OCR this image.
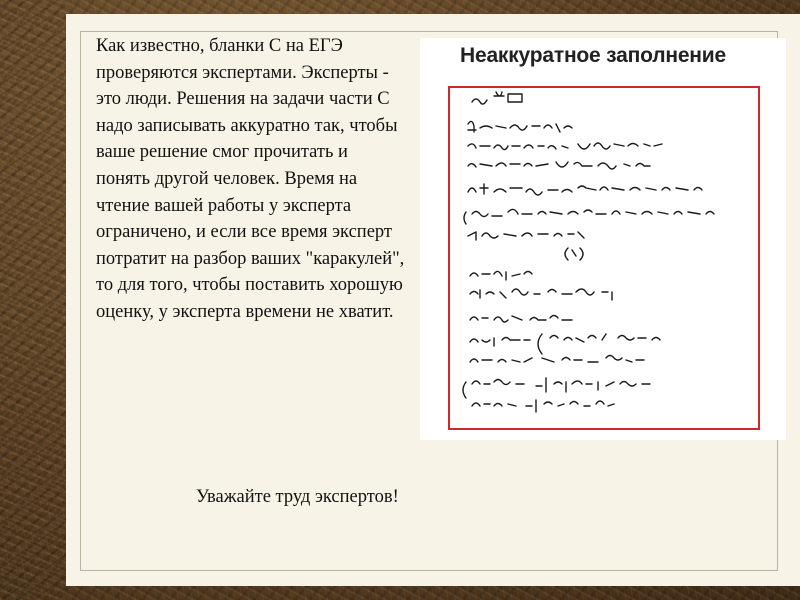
Как известно, бланки С на ЕГЭ проверяются экспертами. Эксперты - это люди. Решения на задачи части С надо записывать аккуратно так, чтобы ваше решение смог прочитать и понять другой человек. Время на чтение вашей работы у эксперта ограничено, и если все время эксперт потратит на разбор ваших "каракулей", то для того, чтобы поставить хорошую оценку, у эксперта времени не хватит.

Уважайте труд экспертов!

Неаккуратное заполнение
